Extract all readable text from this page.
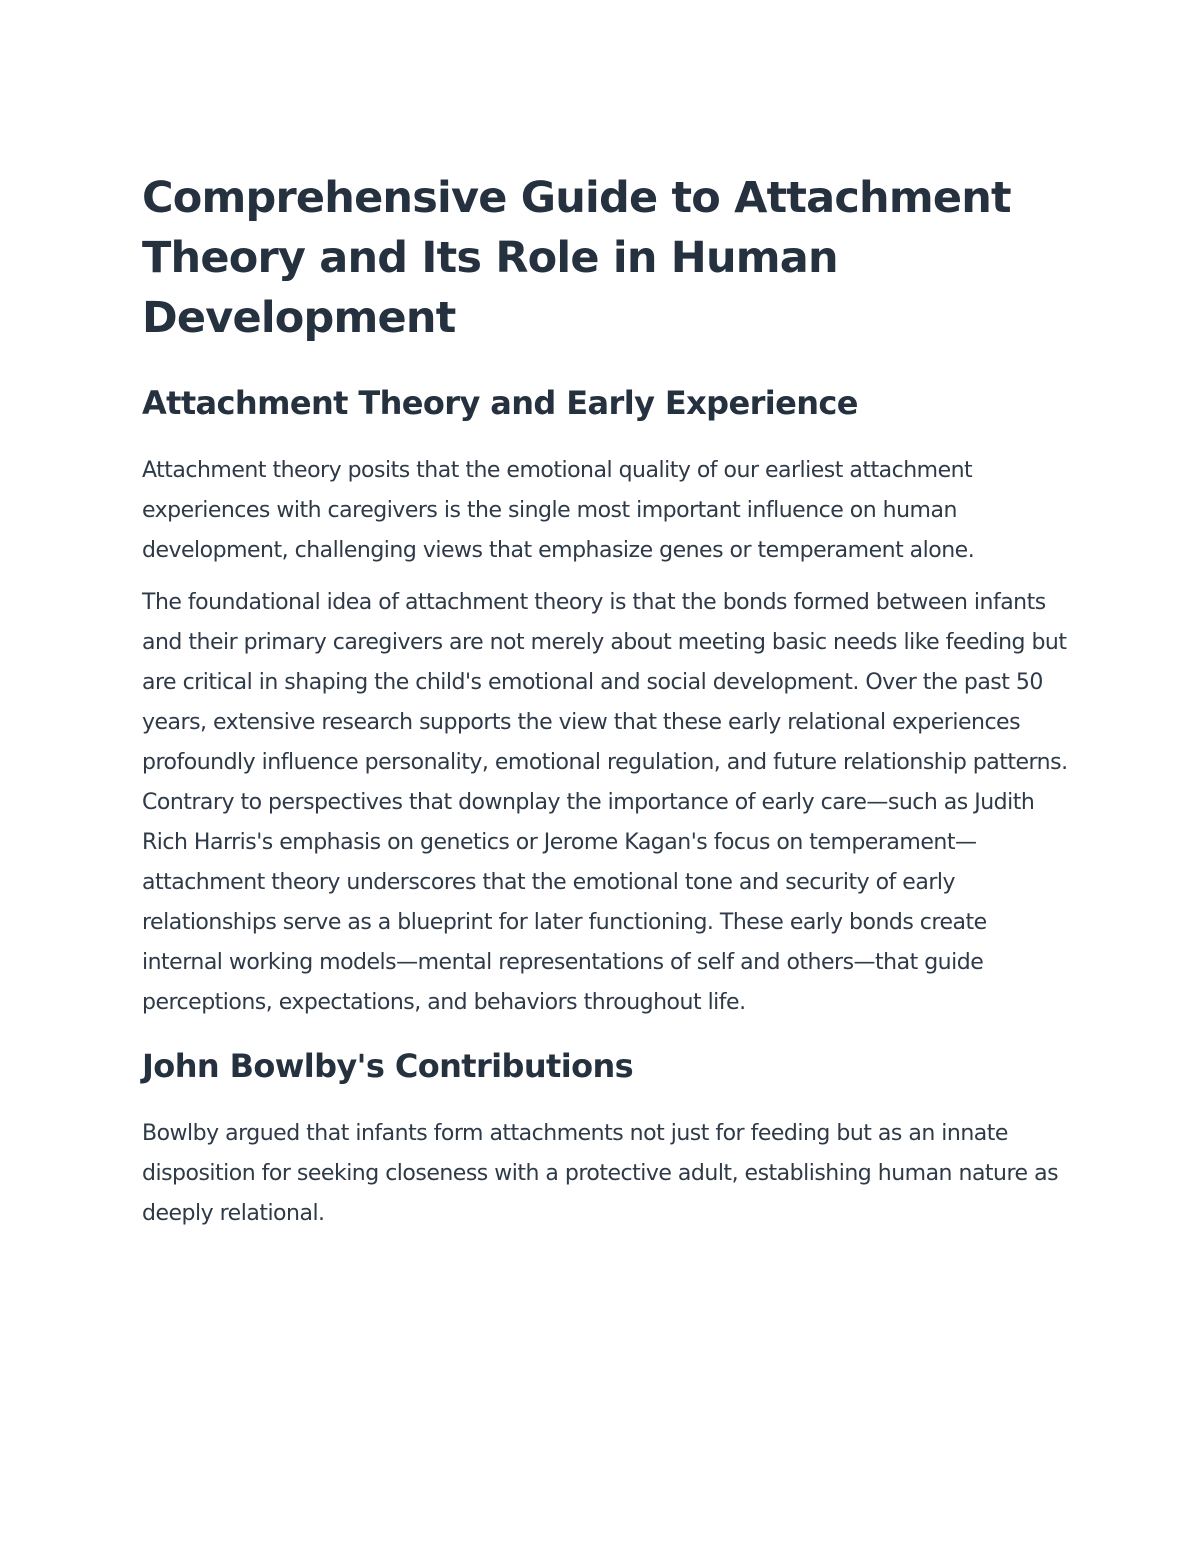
Comprehensive Guide to Attachment Theory and Its Role in Human Development
Attachment Theory and Early Experience

Attachment theory posits that the emotional quality of our earliest attachment experiences with caregivers is the single most important influence on human development, challenging views that emphasize genes or temperament alone.

The foundational idea of attachment theory is that the bonds formed between infants and their primary caregivers are not merely about meeting basic needs like feeding but are critical in shaping the child's emotional and social development. Over the past 50 years, extensive research supports the view that these early relational experiences profoundly influence personality, emotional regulation, and future relationship patterns. Contrary to perspectives that downplay the importance of early care—such as Judith Rich Harris's emphasis on genetics or Jerome Kagan's focus on temperament—attachment theory underscores that the emotional tone and security of early relationships serve as a blueprint for later functioning. These early bonds create internal working models—mental representations of self and others—that guide perceptions, expectations, and behaviors throughout life.

John Bowlby's Contributions

Bowlby argued that infants form attachments not just for feeding but as an innate disposition for seeking closeness with a protective adult, establishing human nature as deeply relational.
